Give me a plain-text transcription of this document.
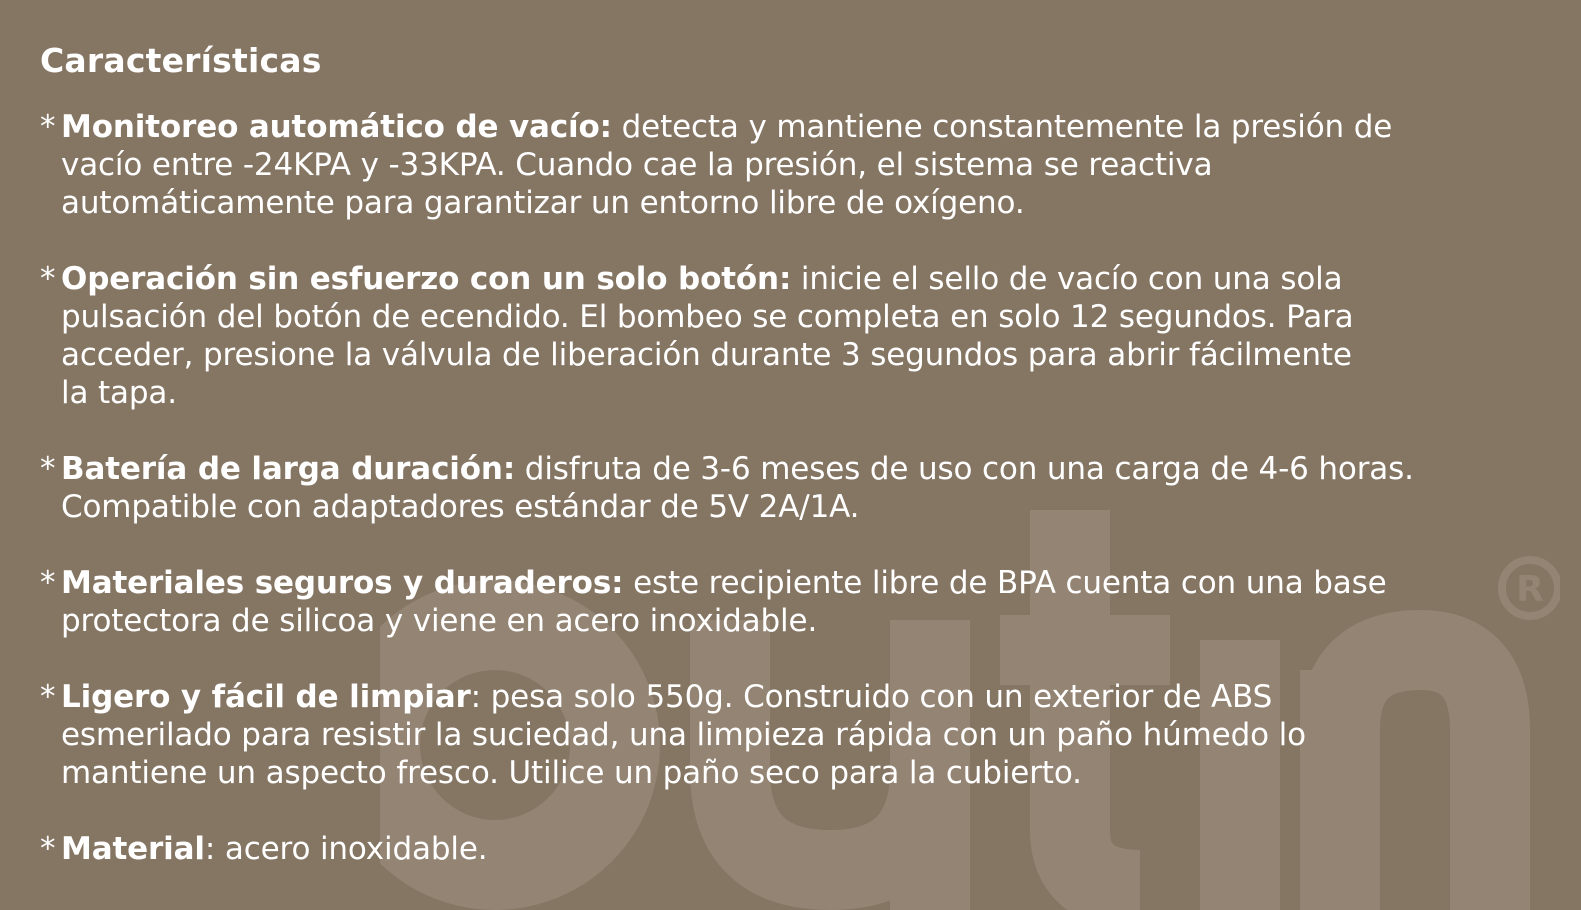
R
Características
* Monitoreo automático de vacío: detecta y mantiene constantemente la presión de
vacío entre -24KPA y -33KPA. Cuando cae la presión, el sistema se reactiva
automáticamente para garantizar un entorno libre de oxígeno.
* Operación sin esfuerzo con un solo botón: inicie el sello de vacío con una sola
pulsación del botón de ecendido. El bombeo se completa en solo 12 segundos. Para
acceder, presione la válvula de liberación durante 3 segundos para abrir fácilmente
la tapa.
* Batería de larga duración: disfruta de 3-6 meses de uso con una carga de 4-6 horas.
Compatible con adaptadores estándar de 5V 2A/1A.
* Materiales seguros y duraderos: este recipiente libre de BPA cuenta con una base
protectora de silicoa y viene en acero inoxidable.
* Ligero y fácil de limpiar: pesa solo 550g. Construido con un exterior de ABS
esmerilado para resistir la suciedad, una limpieza rápida con un paño húmedo lo
mantiene un aspecto fresco. Utilice un paño seco para la cubierto.
* Material: acero inoxidable.
